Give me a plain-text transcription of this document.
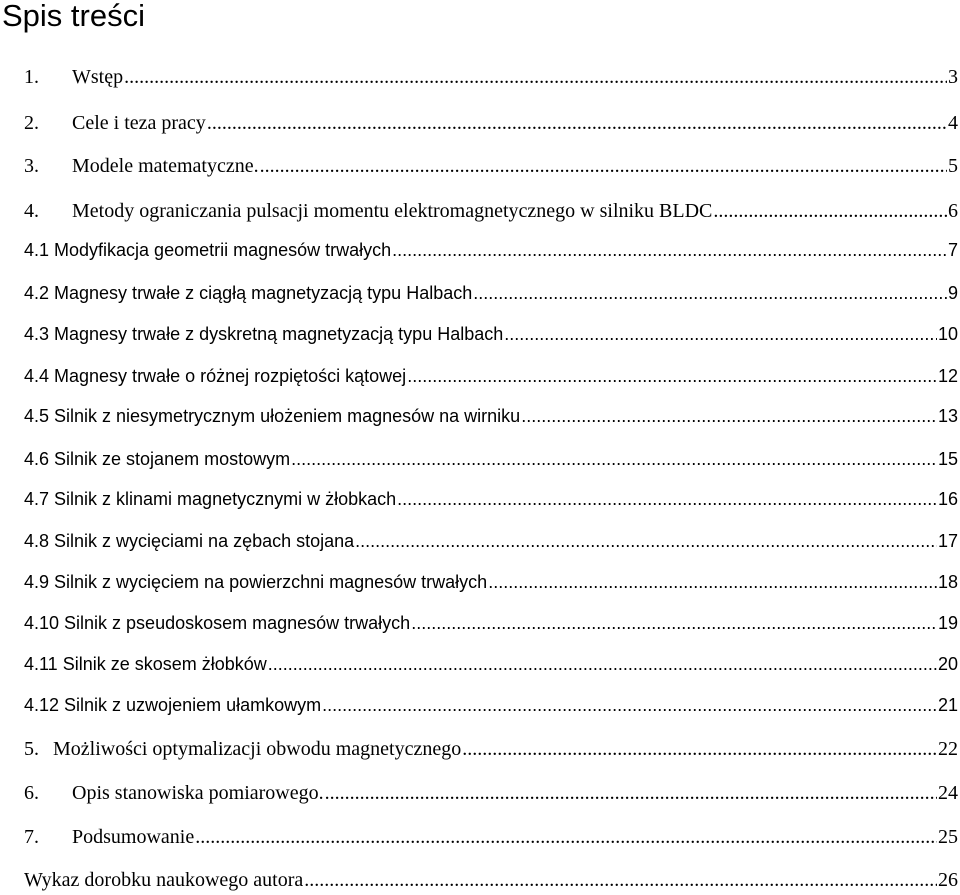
Spis treści
1.	Wstęp .....	3
2.	Cele i teza pracy .....	4
3.	Modele matematyczne. .....	5
4.	Metody ograniczania pulsacji momentu elektromagnetycznego w silniku BLDC .....	6
4.1 Modyfikacja geometrii magnesów trwałych .....	7
4.2 Magnesy trwałe z ciągłą magnetyzacją typu Halbach .....	9
4.3 Magnesy trwałe z dyskretną magnetyzacją typu Halbach .....	10
4.4 Magnesy trwałe o różnej rozpiętości kątowej .....	12
4.5 Silnik z niesymetrycznym ułożeniem magnesów na wirniku .....	13
4.6 Silnik ze stojanem mostowym .....	15
4.7 Silnik z klinami magnetycznymi w żłobkach .....	16
4.8 Silnik z wycięciami na zębach stojana .....	17
4.9 Silnik z wycięciem na powierzchni magnesów trwałych .....	18
4.10 Silnik z pseudoskosem magnesów trwałych .....	19
4.11 Silnik ze skosem żłobków .....	20
4.12 Silnik z uzwojeniem ułamkowym .....	21
5. Możliwości optymalizacji obwodu magnetycznego .....	22
6.	Opis stanowiska pomiarowego. .....	24
7.	Podsumowanie .....	25
Wykaz dorobku naukowego autora .....	26
